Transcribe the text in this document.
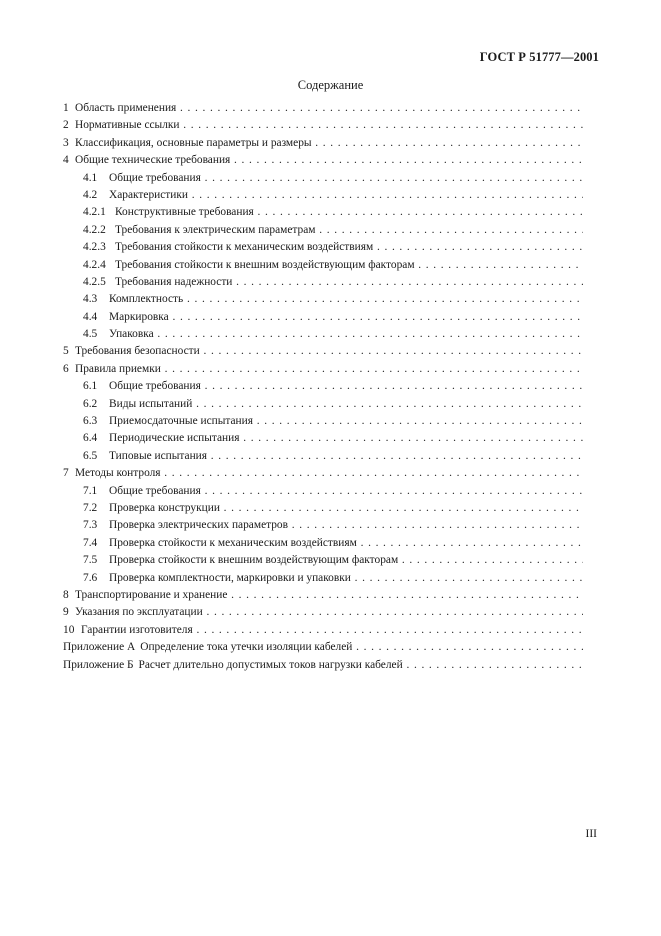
ГОСТ Р 51777—2001
Содержание
1 Область применения . . .
2 Нормативные ссылки . . .
3 Классификация, основные параметры и размеры . . .
4 Общие технические требования . . .
4.1 Общие требования . . .
4.2 Характеристики . . .
4.2.1 Конструктивные требования . . .
4.2.2 Требования к электрическим параметрам . . .
4.2.3 Требования стойкости к механическим воздействиям . . .
4.2.4 Требования стойкости к внешним воздействующим факторам . . .
4.2.5 Требования надежности . . .
4.3 Комплектность . . .
4.4 Маркировка . . .
4.5 Упаковка . . .
5 Требования безопасности . . .
6 Правила приемки . . .
6.1 Общие требования . . .
6.2 Виды испытаний . . .
6.3 Приемосдаточные испытания . . .
6.4 Периодические испытания . . .
6.5 Типовые испытания . . .
7 Методы контроля . . .
7.1 Общие требования . . .
7.2 Проверка конструкции . . .
7.3 Проверка электрических параметров . . .
7.4 Проверка стойкости к механическим воздействиям . . .
7.5 Проверка стойкости к внешним воздействующим факторам . . .
7.6 Проверка комплектности, маркировки и упаковки . . .
8 Транспортирование и хранение . . .
9 Указания по эксплуатации . . .
10 Гарантии изготовителя . . .
Приложение А Определение тока утечки изоляции кабелей . . .
Приложение Б Расчет длительно допустимых токов нагрузки кабелей . . .
III
